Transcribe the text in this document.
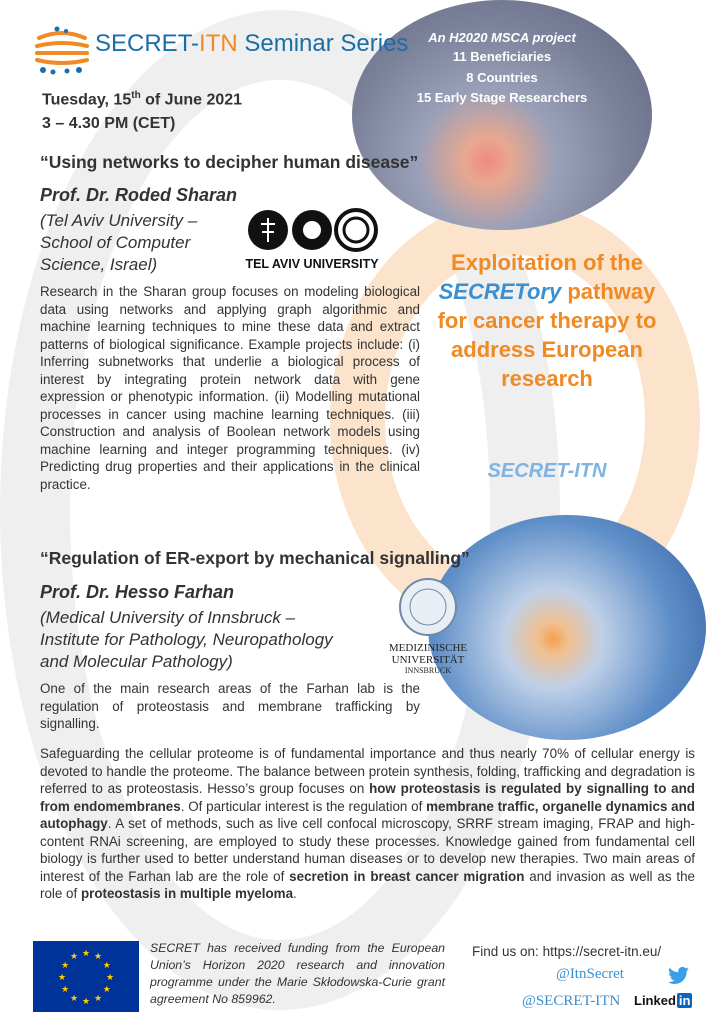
An H2020 MSCA project
11 Beneficiaries
8 Countries
15 Early Stage Researchers
SECRET-ITN Seminar Series
Tuesday, 15th of June 2021
3 – 4.30 PM (CET)
“Using networks to decipher human disease”
Prof. Dr. Roded Sharan
(Tel Aviv University –
School of Computer
Science, Israel)	TEL AVIV UNIVERSITY
Research in the Sharan group focuses on modeling biological data using networks and applying graph algorithmic and machine learning techniques to mine these data and extract patterns of biological significance. Example projects include: (i) Inferring subnetworks that underlie a biological process of interest by integrating protein network data with gene expression or phenotypic information. (ii) Modelling mutational processes in cancer using machine learning techniques. (iii) Construction and analysis of Boolean network models using machine learning and integer programming techniques. (iv) Predicting drug properties and their applications in the clinical practice.
Exploitation of the SECRETory pathway for cancer therapy to address European research
SECRET-ITN
“Regulation of ER-export by mechanical signalling”
Prof. Dr. Hesso Farhan
(Medical University of Innsbruck –
Institute for Pathology, Neuropathology
and Molecular Pathology)
MEDIZINISCHE
UNIVERSITÄT
INNSBRUCK
One of the main research areas of the Farhan lab is the regulation of proteostasis and membrane trafficking by signalling.
Safeguarding the cellular proteome is of fundamental importance and thus nearly 70% of cellular energy is devoted to handle the proteome. The balance between protein synthesis, folding, trafficking and degradation is referred to as proteostasis. Hesso’s group focuses on how proteostasis is regulated by signalling to and from endomembranes. Of particular interest is the regulation of membrane traffic, organelle dynamics and autophagy. A set of methods, such as live cell confocal microscopy, SRRF stream imaging, FRAP and high-content RNAi screening, are employed to study these processes. Knowledge gained from fundamental cell biology is further used to better understand human diseases or to develop new therapies. Two main areas of interest of the Farhan lab are the role of secretion in breast cancer migration and invasion as well as the role of proteostasis in multiple myeloma.
★ ★
★
★
★
★
★
★
★
★
★
★
SECRET has received funding from the European Union’s Horizon 2020 research and innovation programme under the Marie Skłodowska-Curie grant agreement No 859962.
Find us on: https://secret-itn.eu/
@ItnSecret
@SECRET-ITN Linked in
